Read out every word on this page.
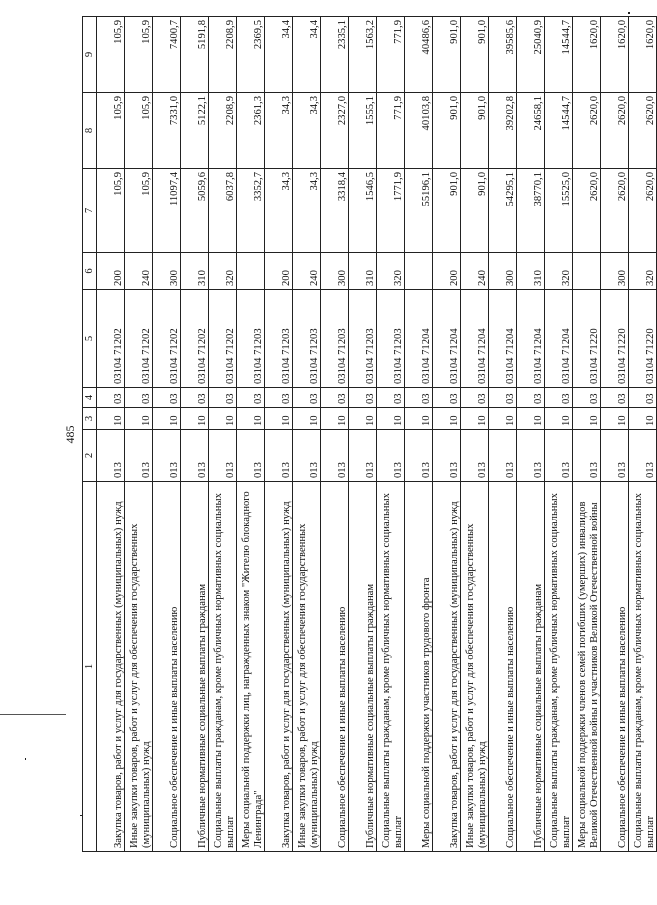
485
1	2	3	4	5	6	7	8	9
Закупка товаров, работ и услуг для государственных (муниципальных) нужд	013	10	03	03104 71202	200	105,9	105,9	105,9
Иные закупки товаров, работ и услуг для обеспечения государственных (муниципальных) нужд	013	10	03	03104 71202	240	105,9	105,9	105,9
Социальное обеспечение и иные выплаты населению	013	10	03	03104 71202	300	11097,4	7331,0	7400,7
Публичные нормативные социальные выплаты гражданам	013	10	03	03104 71202	310	5059,6	5122,1	5191,8
Социальные выплаты гражданам, кроме публичных нормативных социальных выплат	013	10	03	03104 71202	320	6037,8	2208,9	2208,9
Меры социальной поддержки лиц, награжденных знаком "Жителю блокадного Ленинграда"	013	10	03	03104 71203		3352,7	2361,3	2369,5
Закупка товаров, работ и услуг для государственных (муниципальных) нужд	013	10	03	03104 71203	200	34,3	34,3	34,4
Иные закупки товаров, работ и услуг для обеспечения государственных (муниципальных) нужд	013	10	03	03104 71203	240	34,3	34,3	34,4
Социальное обеспечение и иные выплаты населению	013	10	03	03104 71203	300	3318,4	2327,0	2335,1
Публичные нормативные социальные выплаты гражданам	013	10	03	03104 71203	310	1546,5	1555,1	1563,2
Социальные выплаты гражданам, кроме публичных нормативных социальных выплат	013	10	03	03104 71203	320	1771,9	771,9	771,9
Меры социальной поддержки участников трудового фронта	013	10	03	03104 71204		55196,1	40103,8	40486,6
Закупка товаров, работ и услуг для государственных (муниципальных) нужд	013	10	03	03104 71204	200	901,0	901,0	901,0
Иные закупки товаров, работ и услуг для обеспечения государственных (муниципальных) нужд	013	10	03	03104 71204	240	901,0	901,0	901,0
Социальное обеспечение и иные выплаты населению	013	10	03	03104 71204	300	54295,1	39202,8	39585,6
Публичные нормативные социальные выплаты гражданам	013	10	03	03104 71204	310	38770,1	24658,1	25040,9
Социальные выплаты гражданам, кроме публичных нормативных социальных выплат	013	10	03	03104 71204	320	15525,0	14544,7	14544,7
Меры социальной поддержки членов семей погибших (умерших) инвалидов Великой Отечественной войны и участников Великой Отечественной войны	013	10	03	03104 71220		2620,0	2620,0	1620,0
Социальное обеспечение и иные выплаты населению	013	10	03	03104 71220	300	2620,0	2620,0	1620,0
Социальные выплаты гражданам, кроме публичных нормативных социальных выплат	013	10	03	03104 71220	320	2620,0	2620,0	1620,0
